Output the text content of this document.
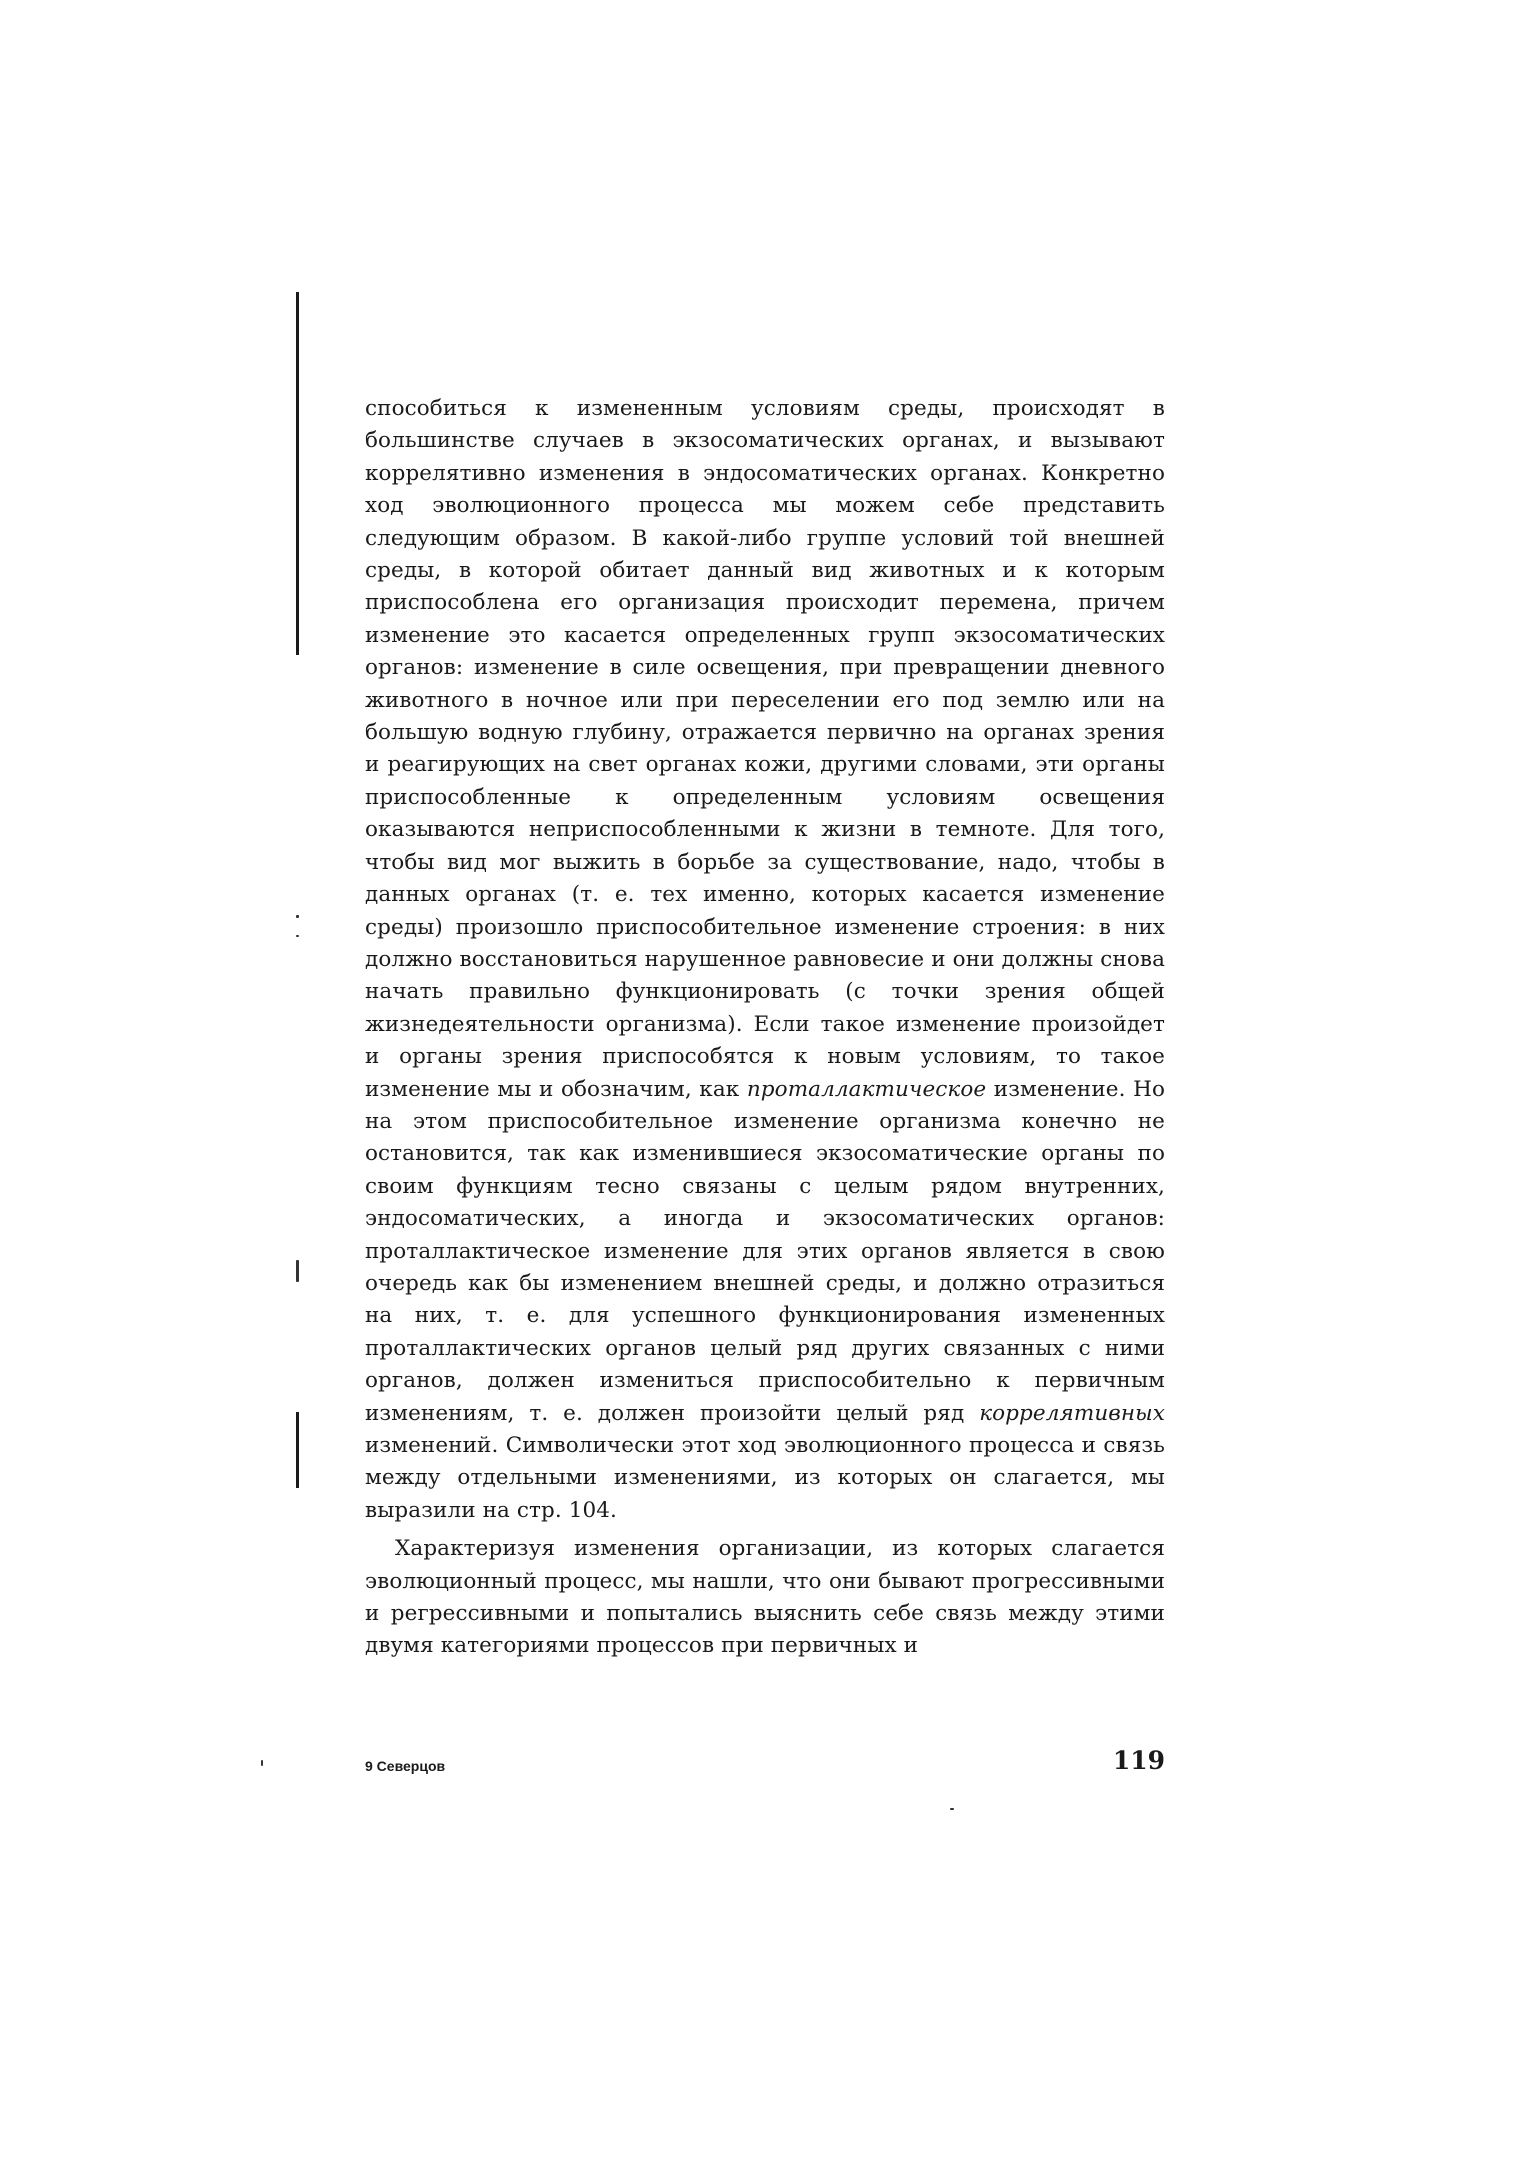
способиться к измененным условиям среды, происходят в большинстве случаев в экзосоматических органах, и вызывают коррелятивно изменения в эндосоматических органах. Конкретно ход эволюционного процесса мы можем себе представить следующим образом. В какой-либо группе условий той внешней среды, в которой обитает данный вид животных и к которым приспособлена его организация происходит перемена, причем изменение это касается определенных групп экзосоматических органов: изменение в силе освещения, при превращении дневного животного в ночное или при переселении его под землю или на большую водную глубину, отражается первично на органах зрения и реагирующих на свет органах кожи, другими словами, эти органы приспособленные к определенным условиям освещения оказываются неприспособленными к жизни в темноте. Для того, чтобы вид мог выжить в борьбе за существование, надо, чтобы в данных органах (т. е. тех именно, которых касается изменение среды) произошло приспособительное изменение строения: в них должно восстановиться нарушенное равновесие и они должны снова начать правильно функционировать (с точки зрения общей жизнедеятельности организма). Если такое изменение произойдет и органы зрения приспособятся к новым условиям, то такое изменение мы и обозначим, как проталлактическое изменение. Но на этом приспособительное изменение организма конечно не остановится, так как изменившиеся экзосоматические органы по своим функциям тесно связаны с целым рядом внутренних, эндосоматических, а иногда и экзосоматических органов: проталлактическое изменение для этих органов является в свою очередь как бы изменением внешней среды, и должно отразиться на них, т. е. для успешного функционирования измененных проталлактических органов целый ряд других связанных с ними органов, должен измениться приспособительно к первичным изменениям, т. е. должен произойти целый ряд коррелятивных изменений. Символически этот ход эволюционного процесса и связь между отдельными изменениями, из которых он слагается, мы выразили на стр. 104.

Характеризуя изменения организации, из которых слагается эволюционный процесс, мы нашли, что они бывают прогрессивными и регрессивными и попытались выяснить себе связь между этими двумя категориями процессов при первичных и

9 Северцов	119
